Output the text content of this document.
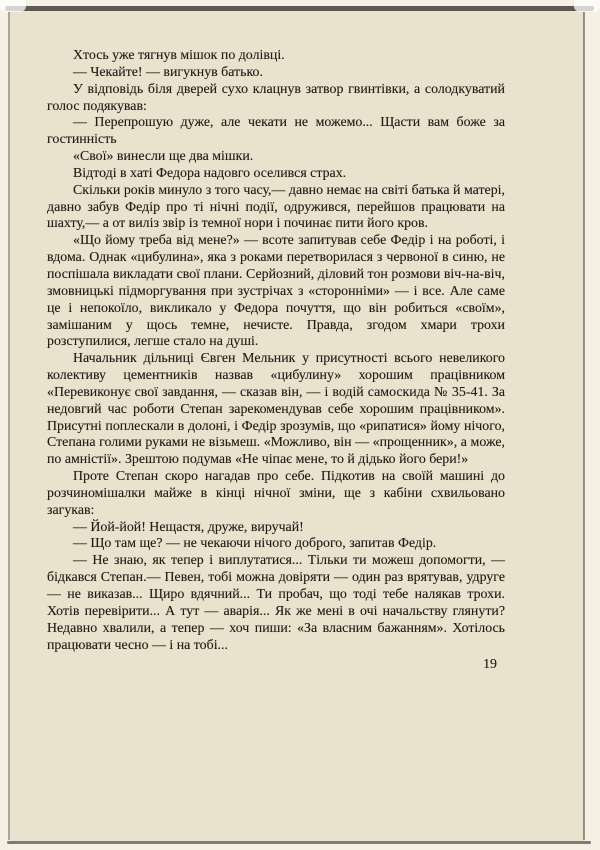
Хтось уже тягнув мішок по долівці.

— Чекайте! — вигукнув батько.

У відповідь біля дверей сухо клацнув затвор гвинтівки, а солодкуватий голос подякував:

— Перепрошую дуже, але чекати не можемо... Щасти вам боже за гостинність

«Свої» винесли ще два мішки.

Відтоді в хаті Федора надовго оселився страх.

Скільки років минуло з того часу,— давно немає на світі батька й матері, давно забув Федір про ті нічні події, одружився, перейшов працювати на шахту,— а от виліз звір із темної нори і починає пити його кров.

«Що йому треба від мене?» — всоте запитував себе Федір і на роботі, і вдома. Однак «цибулина», яка з роками перетворилася з червоної в синю, не поспішала викладати свої плани. Серйозний, діловий тон розмови віч-на-віч, змовницькі підморгування при зустрічах з «сторонніми» — і все. Але саме це і непокоїло, викликало у Федора почуття, що він робиться «своїм», замішаним у щось темне, нечисте. Правда, згодом хмари трохи розступилися, легше стало на душі.

Начальник дільниці Євген Мельник у присутності всього невеликого колективу цементників назвав «цибулину» хорошим працівником «Перевиконує свої завдання, — сказав він, — і водій самоскида № 35-41. За недовгий час роботи Степан зарекомендував себе хорошим працівником». Присутні поплескали в долоні, і Федір зрозумів, що «рипатися» йому нічого, Степана голими руками не візьмеш. «Можливо, він — «прощенник», а може, по амністії». Зрештою подумав «Не чіпає мене, то й дідько його бери!»

Проте Степан скоро нагадав про себе. Підкотив на своїй машині до розчиномішалки майже в кінці нічної зміни, ще з кабіни схвильовано загукав:

— Йой-йой! Нещастя, друже, виручай!

— Що там ще? — не чекаючи нічого доброго, запитав Федір.

— Не знаю, як тепер і виплутатися... Тільки ти можеш допомогти, — бідкався Степан.— Певен, тобі можна довіряти — один раз врятував, удруге — не виказав... Щиро вдячний... Ти пробач, що тоді тебе налякав трохи. Хотів перевірити... А тут — аварія... Як же мені в очі начальству глянути? Недавно хвалили, а тепер — хоч пиши: «За власним бажанням». Хотілось працювати чесно — і на тобі...

19
